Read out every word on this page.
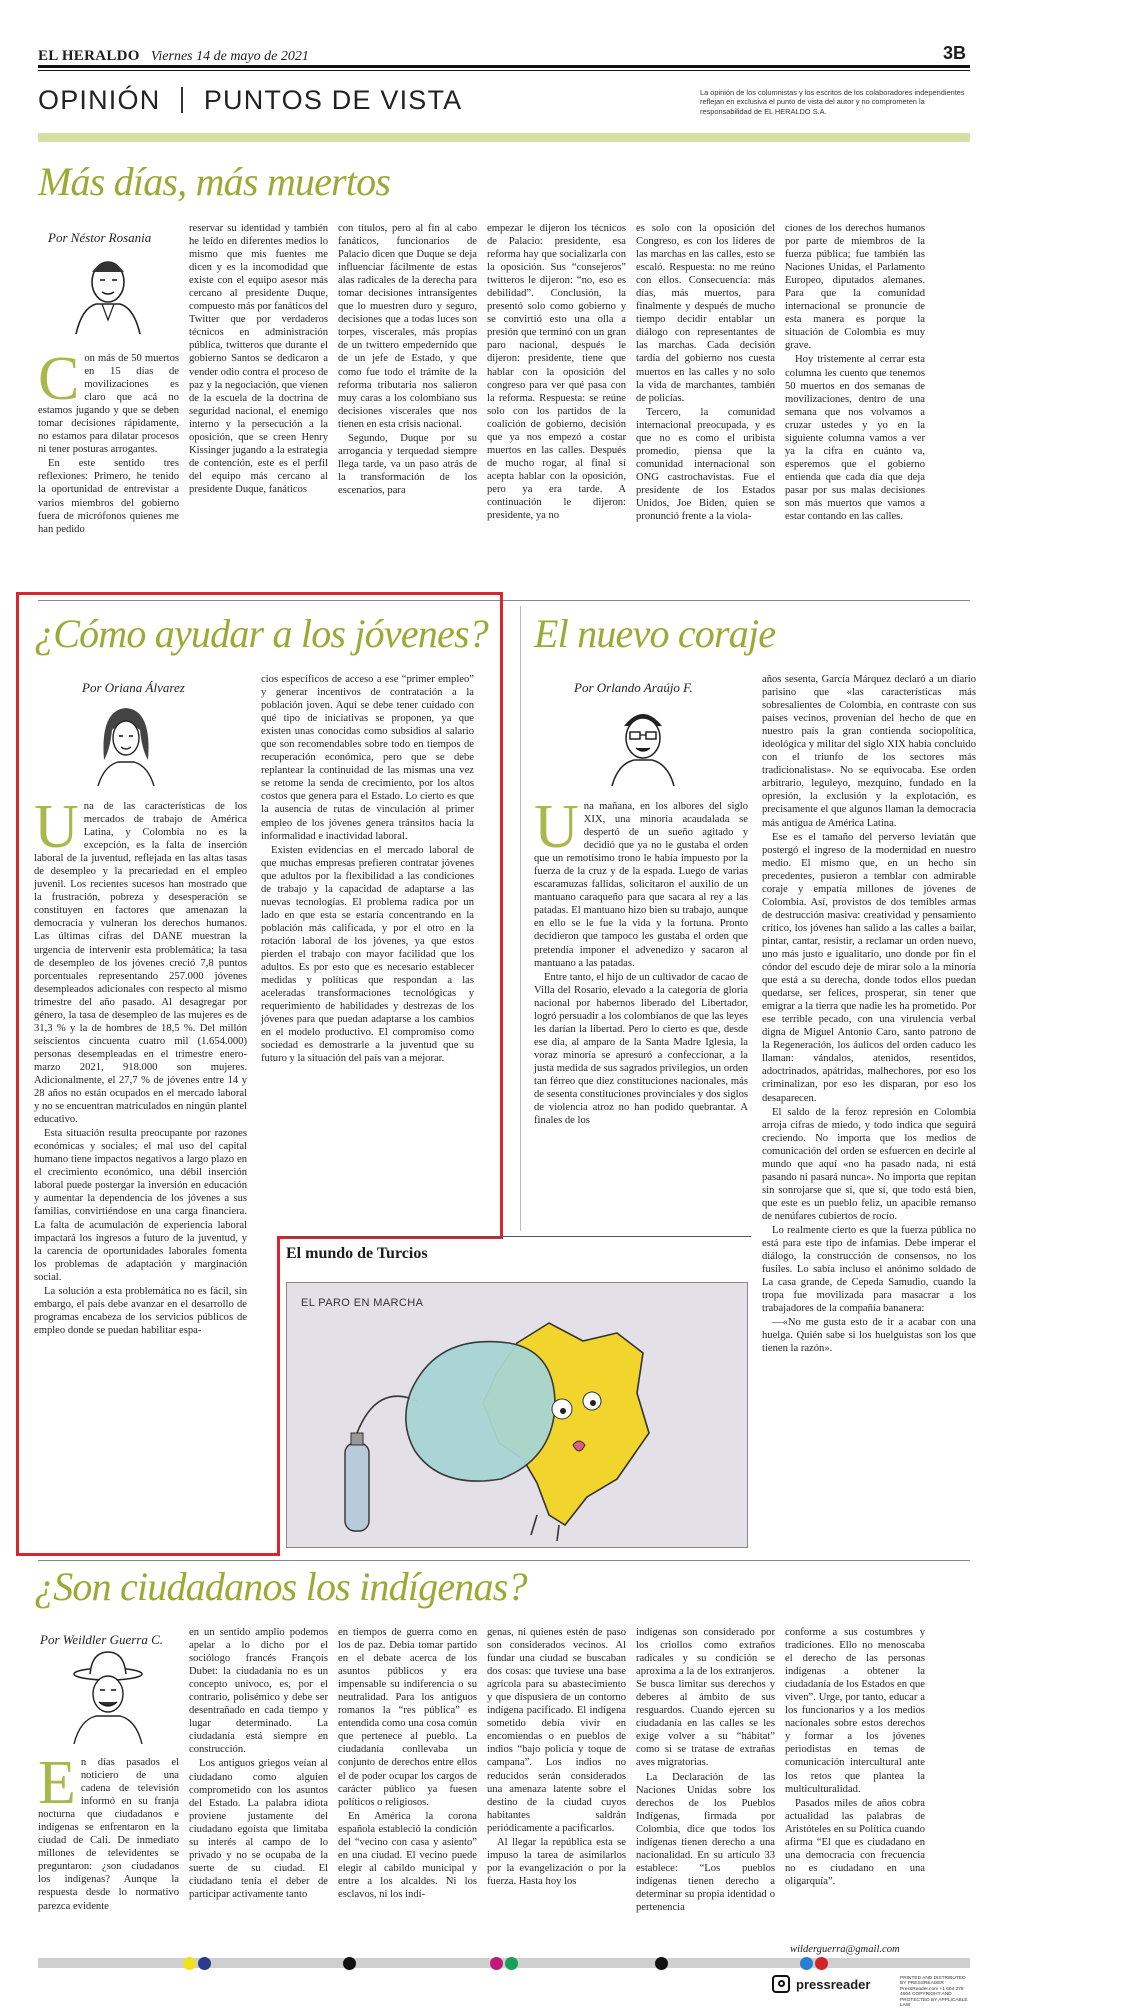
EL HERALDO Viernes 14 de mayo de 2021	3B
OPINIÓN PUNTOS DE VISTA	La opinión de los columnistas y los escritos de los colaboradores independientes reflejan en exclusiva el punto de vista del autor y no comprometen la responsabilidad de EL HERALDO S.A.
Más días, más muertos
Por Néstor Rosania
C on más de 50 muertos en 15 días de movilizaciones es claro que acá no estamos jugando y que se deben tomar decisiones rápidamente, no estamos para dilatar procesos ni tener posturas arrogantes.

En este sentido tres reflexiones: Primero, he tenido la oportunidad de entrevistar a varios miembros del gobierno fuera de micrófonos quienes me han pedido

reservar su identidad y también he leído en diferentes medios lo mismo que mis fuentes me dicen y es la incomodidad que existe con el equipo asesor más cercano al presidente Duque, compuesto más por fanáticos del Twitter que por verdaderos técnicos en administración pública, twitteros que durante el gobierno Santos se dedicaron a vender odio contra el proceso de paz y la negociación, que vienen de la escuela de la doctrina de seguridad nacional, el enemigo interno y la persecución a la oposición, que se creen Henry Kissinger jugando a la estrategia de contención, este es el perfil del equipo más cercano al presidente Duque, fanáticos

con títulos, pero al fin al cabo fanáticos, funcionarios de Palacio dicen que Duque se deja influenciar fácilmente de estas alas radicales de la derecha para tomar decisiones intransigentes que lo muestren duro y seguro, decisiones que a todas luces son torpes, viscerales, más propias de un twittero empedernido que de un jefe de Estado, y que como fue todo el trámite de la reforma tributaria nos salieron muy caras a los colombiano sus decisiones viscerales que nos tienen en esta crisis nacional.

Segundo, Duque por su arrogancia y terquedad siempre llega tarde, va un paso atrás de la transformación de los escenarios, para

empezar le dijeron los técnicos de Palacio: presidente, esa reforma hay que socializarla con la oposición. Sus “consejeros” twitteros le dijeron: “no, eso es debilidad”. Conclusión, la presentó solo como gobierno y se convirtió esto una olla a presión que terminó con un gran paro nacional, después le dijeron: presidente, tiene que hablar con la oposición del congreso para ver qué pasa con la reforma. Respuesta: se reúne solo con los partidos de la coalición de gobierno, decisión que ya nos empezó a costar muertos en las calles. Después de mucho rogar, al final sí acepta hablar con la oposición, pero ya era tarde. A continuación le dijeron: presidente, ya no

es solo con la oposición del Congreso, es con los líderes de las marchas en las calles, esto se escaló. Respuesta: no me reúno con ellos. Consecuencia: más días, más muertos, para finalmente y después de mucho tiempo decidir entablar un diálogo con representantes de las marchas. Cada decisión tardía del gobierno nos cuesta muertos en las calles y no solo la vida de marchantes, también de policías.

Tercero, la comunidad internacional preocupada, y es que no es como el uribista promedio, piensa que la comunidad internacional son ONG castrochavistas. Fue el presidente de los Estados Unidos, Joe Biden, quien se pronunció frente a la viola-

ciones de los derechos humanos por parte de miembros de la fuerza pública; fue también las Naciones Unidas, el Parlamento Europeo, diputados alemanes. Para que la comunidad internacional se pronuncie de esta manera es porque la situación de Colombia es muy grave.

Hoy tristemente al cerrar esta columna les cuento que tenemos 50 muertos en dos semanas de movilizaciones, dentro de una semana que nos volvamos a cruzar ustedes y yo en la siguiente columna vamos a ver ya la cifra en cuánto va, esperemos que el gobierno entienda que cada día que deja pasar por sus malas decisiones son más muertos que vamos a estar contando en las calles.

¿Cómo ayudar a los jóvenes?
Por Oriana Álvarez
U na de las características de los mercados de trabajo de América Latina, y Colombia no es la excepción, es la falta de inserción laboral de la juventud, reflejada en las altas tasas de desempleo y la precariedad en el empleo juvenil. Los recientes sucesos han mostrado que la frustración, pobreza y desesperación se constituyen en factores que amenazan la democracia y vulneran los derechos humanos. Las últimas cifras del DANE muestran la urgencia de intervenir esta problemática; la tasa de desempleo de los jóvenes creció 7,8 puntos porcentuales representando 257.000 jóvenes desempleados adicionales con respecto al mismo trimestre del año pasado. Al desagregar por género, la tasa de desempleo de las mujeres es de 31,3 % y la de hombres de 18,5 %. Del millón seiscientos cincuenta cuatro mil (1.654.000) personas desempleadas en el trimestre enero-marzo 2021, 918.000 son mujeres. Adicionalmente, el 27,7 % de jóvenes entre 14 y 28 años no están ocupados en el mercado laboral y no se encuentran matriculados en ningún plantel educativo.

Esta situación resulta preocupante por razones económicas y sociales; el mal uso del capital humano tiene impactos negativos a largo plazo en el crecimiento económico, una débil inserción laboral puede postergar la inversión en educación y aumentar la dependencia de los jóvenes a sus familias, convirtiéndose en una carga financiera. La falta de acumulación de experiencia laboral impactará los ingresos a futuro de la juventud, y la carencia de oportunidades laborales fomenta los problemas de adaptación y marginación social.

La solución a esta problemática no es fácil, sin embargo, el país debe avanzar en el desarrollo de programas encabeza de los servicios públicos de empleo donde se puedan habilitar espa-

cios específicos de acceso a ese “primer empleo” y generar incentivos de contratación a la población joven. Aquí se debe tener cuidado con qué tipo de iniciativas se proponen, ya que existen unas conocidas como subsidios al salario que son recomendables sobre todo en tiempos de recuperación económica, pero que se debe replantear la continuidad de las mismas una vez se retome la senda de crecimiento, por los altos costos que genera para el Estado. Lo cierto es que la ausencia de rutas de vinculación al primer empleo de los jóvenes genera tránsitos hacia la informalidad e inactividad laboral.

Existen evidencias en el mercado laboral de que muchas empresas prefieren contratar jóvenes que adultos por la flexibilidad a las condiciones de trabajo y la capacidad de adaptarse a las nuevas tecnologías. El problema radica por un lado en que esta se estaría concentrando en la población más calificada, y por el otro en la rotación laboral de los jóvenes, ya que estos pierden el trabajo con mayor facilidad que los adultos. Es por esto que es necesario establecer medidas y políticas que respondan a las aceleradas transformaciones tecnológicas y requerimiento de habilidades y destrezas de los jóvenes para que puedan adaptarse a los cambios en el modelo productivo. El compromiso como sociedad es demostrarle a la juventud que su futuro y la situación del país van a mejorar.

El nuevo coraje
Por Orlando Araújo F.
U na mañana, en los albores del siglo XIX, una minoría acaudalada se despertó de un sueño agitado y decidió que ya no le gustaba el orden que un remotísimo trono le había impuesto por la fuerza de la cruz y de la espada. Luego de varias escaramuzas fallidas, solicitaron el auxilio de un mantuano caraqueño para que sacara al rey a las patadas. El mantuano hizo bien su trabajo, aunque en ello se le fue la vida y la fortuna. Pronto decidieron que tampoco les gustaba el orden que pretendía imponer el advenedizo y sacaron al mantuano a las patadas.

Entre tanto, el hijo de un cultivador de cacao de Villa del Rosario, elevado a la categoría de gloria nacional por habernos liberado del Libertador, logró persuadir a los colombianos de que las leyes les darían la libertad. Pero lo cierto es que, desde ese día, al amparo de la Santa Madre Iglesia, la voraz minoría se apresuró a confeccionar, a la justa medida de sus sagrados privilegios, un orden tan férreo que diez constituciones nacionales, más de sesenta constituciones provinciales y dos siglos de violencia atroz no han podido quebrantar. A finales de los

años sesenta, García Márquez declaró a un diario parisino que «las características más sobresalientes de Colombia, en contraste con sus países vecinos, provenían del hecho de que en nuestro país la gran contienda sociopolítica, ideológica y militar del siglo XIX había concluido con el triunfo de los sectores más tradicionalistas». No se equivocaba. Ese orden arbitrario, leguleyo, mezquino, fundado en la opresión, la exclusión y la explotación, es precisamente el que algunos llaman la democracia más antigua de América Latina.

Ese es el tamaño del perverso leviatán que postergó el ingreso de la modernidad en nuestro medio. El mismo que, en un hecho sin precedentes, pusieron a temblar con admirable coraje y empatía millones de jóvenes de Colombia. Así, provistos de dos temibles armas de destrucción masiva: creatividad y pensamiento crítico, los jóvenes han salido a las calles a bailar, pintar, cantar, resistir, a reclamar un orden nuevo, uno más justo e igualitario, uno donde por fin el cóndor del escudo deje de mirar solo a la minoría que está a su derecha, donde todos ellos puedan quedarse, ser felices, prosperar, sin tener que emigrar a la tierra que nadie les ha prometido. Por ese terrible pecado, con una virulencia verbal digna de Miguel Antonio Caro, santo patrono de la Regeneración, los áulicos del orden caduco les llaman: vándalos, atenidos, resentidos, adoctrinados, apátridas, malhechores, por eso los criminalizan, por eso les disparan, por eso los desaparecen.

El saldo de la feroz represión en Colombia arroja cifras de miedo, y todo indica que seguirá creciendo. No importa que los medios de comunicación del orden se esfuercen en decirle al mundo que aquí «no ha pasado nada, ni está pasando ni pasará nunca». No importa que repitan sin sonrojarse que sí, que sí, que todo está bien, que este es un pueblo feliz, un apacible remanso de nenúfares cubiertos de rocío.

Lo realmente cierto es que la fuerza pública no está para este tipo de infamias. Debe imperar el diálogo, la construcción de consensos, no los fusiles. Lo sabía incluso el anónimo soldado de La casa grande, de Cepeda Samudio, cuando la tropa fue movilizada para masacrar a los trabajadores de la compañía bananera:

—«No me gusta esto de ir a acabar con una huelga. Quién sabe si los huelguistas son los que tienen la razón».

El mundo de Turcios
EL PARO EN MARCHA
¿Son ciudadanos los indígenas?
Por Weildler Guerra C.
E n días pasados el noticiero de una cadena de televisión informó en su franja nocturna que ciudadanos e indígenas se enfrentaron en la ciudad de Cali. De inmediato millones de televidentes se preguntaron: ¿son ciudadanos los indígenas? Aunque la respuesta desde lo normativo parezca evidente

en un sentido amplio podemos apelar a lo dicho por el sociólogo francés François Dubet: la ciudadanía no es un concepto unívoco, es, por el contrario, polisémico y debe ser desentrañado en cada tiempo y lugar determinado. La ciudadanía está siempre en construcción.

Los antiguos griegos veían al ciudadano como alguien comprometido con los asuntos del Estado. La palabra idiota proviene justamente del ciudadano egoísta que limitaba su interés al campo de lo privado y no se ocupaba de la suerte de su ciudad. El ciudadano tenía el deber de participar activamente tanto

en tiempos de guerra como en los de paz. Debía tomar partido en el debate acerca de los asuntos públicos y era impensable su indiferencia o su neutralidad. Para los antiguos romanos la “res pública” es entendida como una cosa común que pertenece al pueblo. La ciudadanía conllevaba un conjunto de derechos entre ellos el de poder ocupar los cargos de carácter público ya fuesen políticos o religiosos.

En América la corona española estableció la condición del “vecino con casa y asiento” en una ciudad. El vecino puede elegir al cabildo municipal y entre a los alcaldes. Ni los esclavos, ni los indí-

genas, ni quienes estén de paso son considerados vecinos. Al fundar una ciudad se buscaban dos cosas: que tuviese una base agrícola para su abastecimiento y que dispusiera de un contorno indígena pacificado. El indígena sometido debía vivir en encomiendas o en pueblos de indios “bajo policía y toque de campana”. Los indios no reducidos serán considerados una amenaza latente sobre el destino de la ciudad cuyos habitantes saldrán periódicamente a pacificarlos.

Al llegar la república esta se impuso la tarea de asimilarlos por la evangelización o por la fuerza. Hasta hoy los

indígenas son considerado por los criollos como extraños radicales y su condición se aproxima a la de los extranjeros. Se busca limitar sus derechos y deberes al ámbito de sus resguardos. Cuando ejercen su ciudadanía en las calles se les exige volver a su “hábitat” como si se tratase de extrañas aves migratorias.

La Declaración de las Naciones Unidas sobre los derechos de los Pueblos Indígenas, firmada por Colombia, dice que todos los indígenas tienen derecho a una nacionalidad. En su artículo 33 establece: “Los pueblos indígenas tienen derecho a determinar su propia identidad o pertenencia

conforme a sus costumbres y tradiciones. Ello no menoscaba el derecho de las personas indígenas a obtener la ciudadanía de los Estados en que viven”. Urge, por tanto, educar a los funcionarios y a los medios nacionales sobre estos derechos y formar a los jóvenes periodistas en temas de comunicación intercultural ante los retos que plantea la multiculturalidad.

Pasados miles de años cobra actualidad las palabras de Aristóteles en su Política cuando afirma “El que es ciudadano en una democracia con frecuencia no es ciudadano en una oligarquía”.

wilderguerra@gmail.com
pressreader	PRINTED AND DISTRIBUTED BY PRESSREADER PressReader.com +1 604 278 4604 COPYRIGHT AND PROTECTED BY APPLICABLE LAW
